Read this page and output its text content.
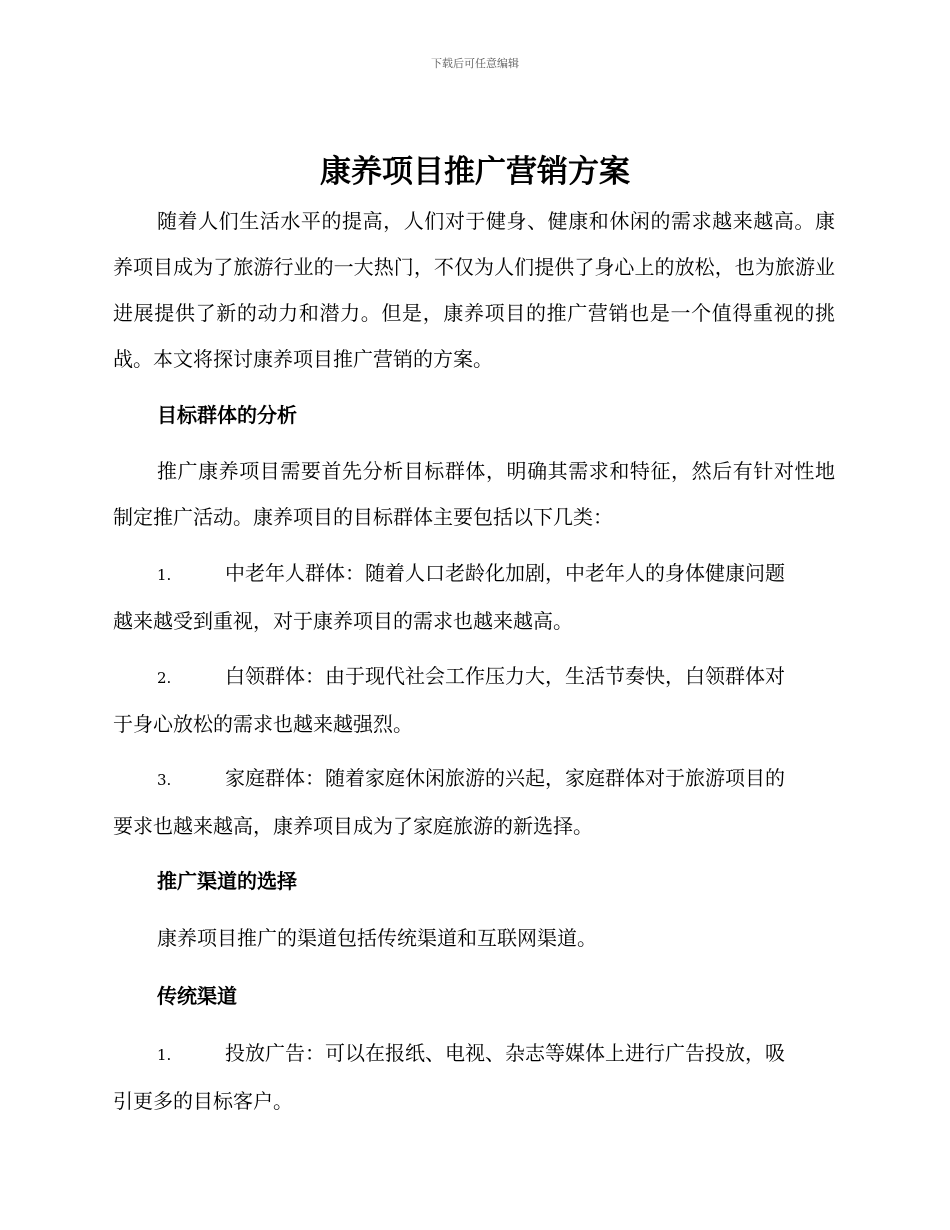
下载后可任意编辑
康养项目推广营销方案

随着人们生活水平的提高，人们对于健身、健康和休闲的需求越来越高。康养项目成为了旅游行业的一大热门，不仅为人们提供了身心上的放松，也为旅游业进展提供了新的动力和潜力。但是，康养项目的推广营销也是一个值得重视的挑战。本文将探讨康养项目推广营销的方案。

目标群体的分析

推广康养项目需要首先分析目标群体，明确其需求和特征，然后有针对性地制定推广活动。康养项目的目标群体主要包括以下几类：

1.	中老年人群体：随着人口老龄化加剧，中老年人的身体健康问题
越来越受到重视，对于康养项目的需求也越来越高。
2.	白领群体：由于现代社会工作压力大，生活节奏快，白领群体对
于身心放松的需求也越来越强烈。
3.	家庭群体：随着家庭休闲旅游的兴起，家庭群体对于旅游项目的
要求也越来越高，康养项目成为了家庭旅游的新选择。
推广渠道的选择

康养项目推广的渠道包括传统渠道和互联网渠道。

传统渠道
1.	投放广告：可以在报纸、电视、杂志等媒体上进行广告投放，吸
引更多的目标客户。
